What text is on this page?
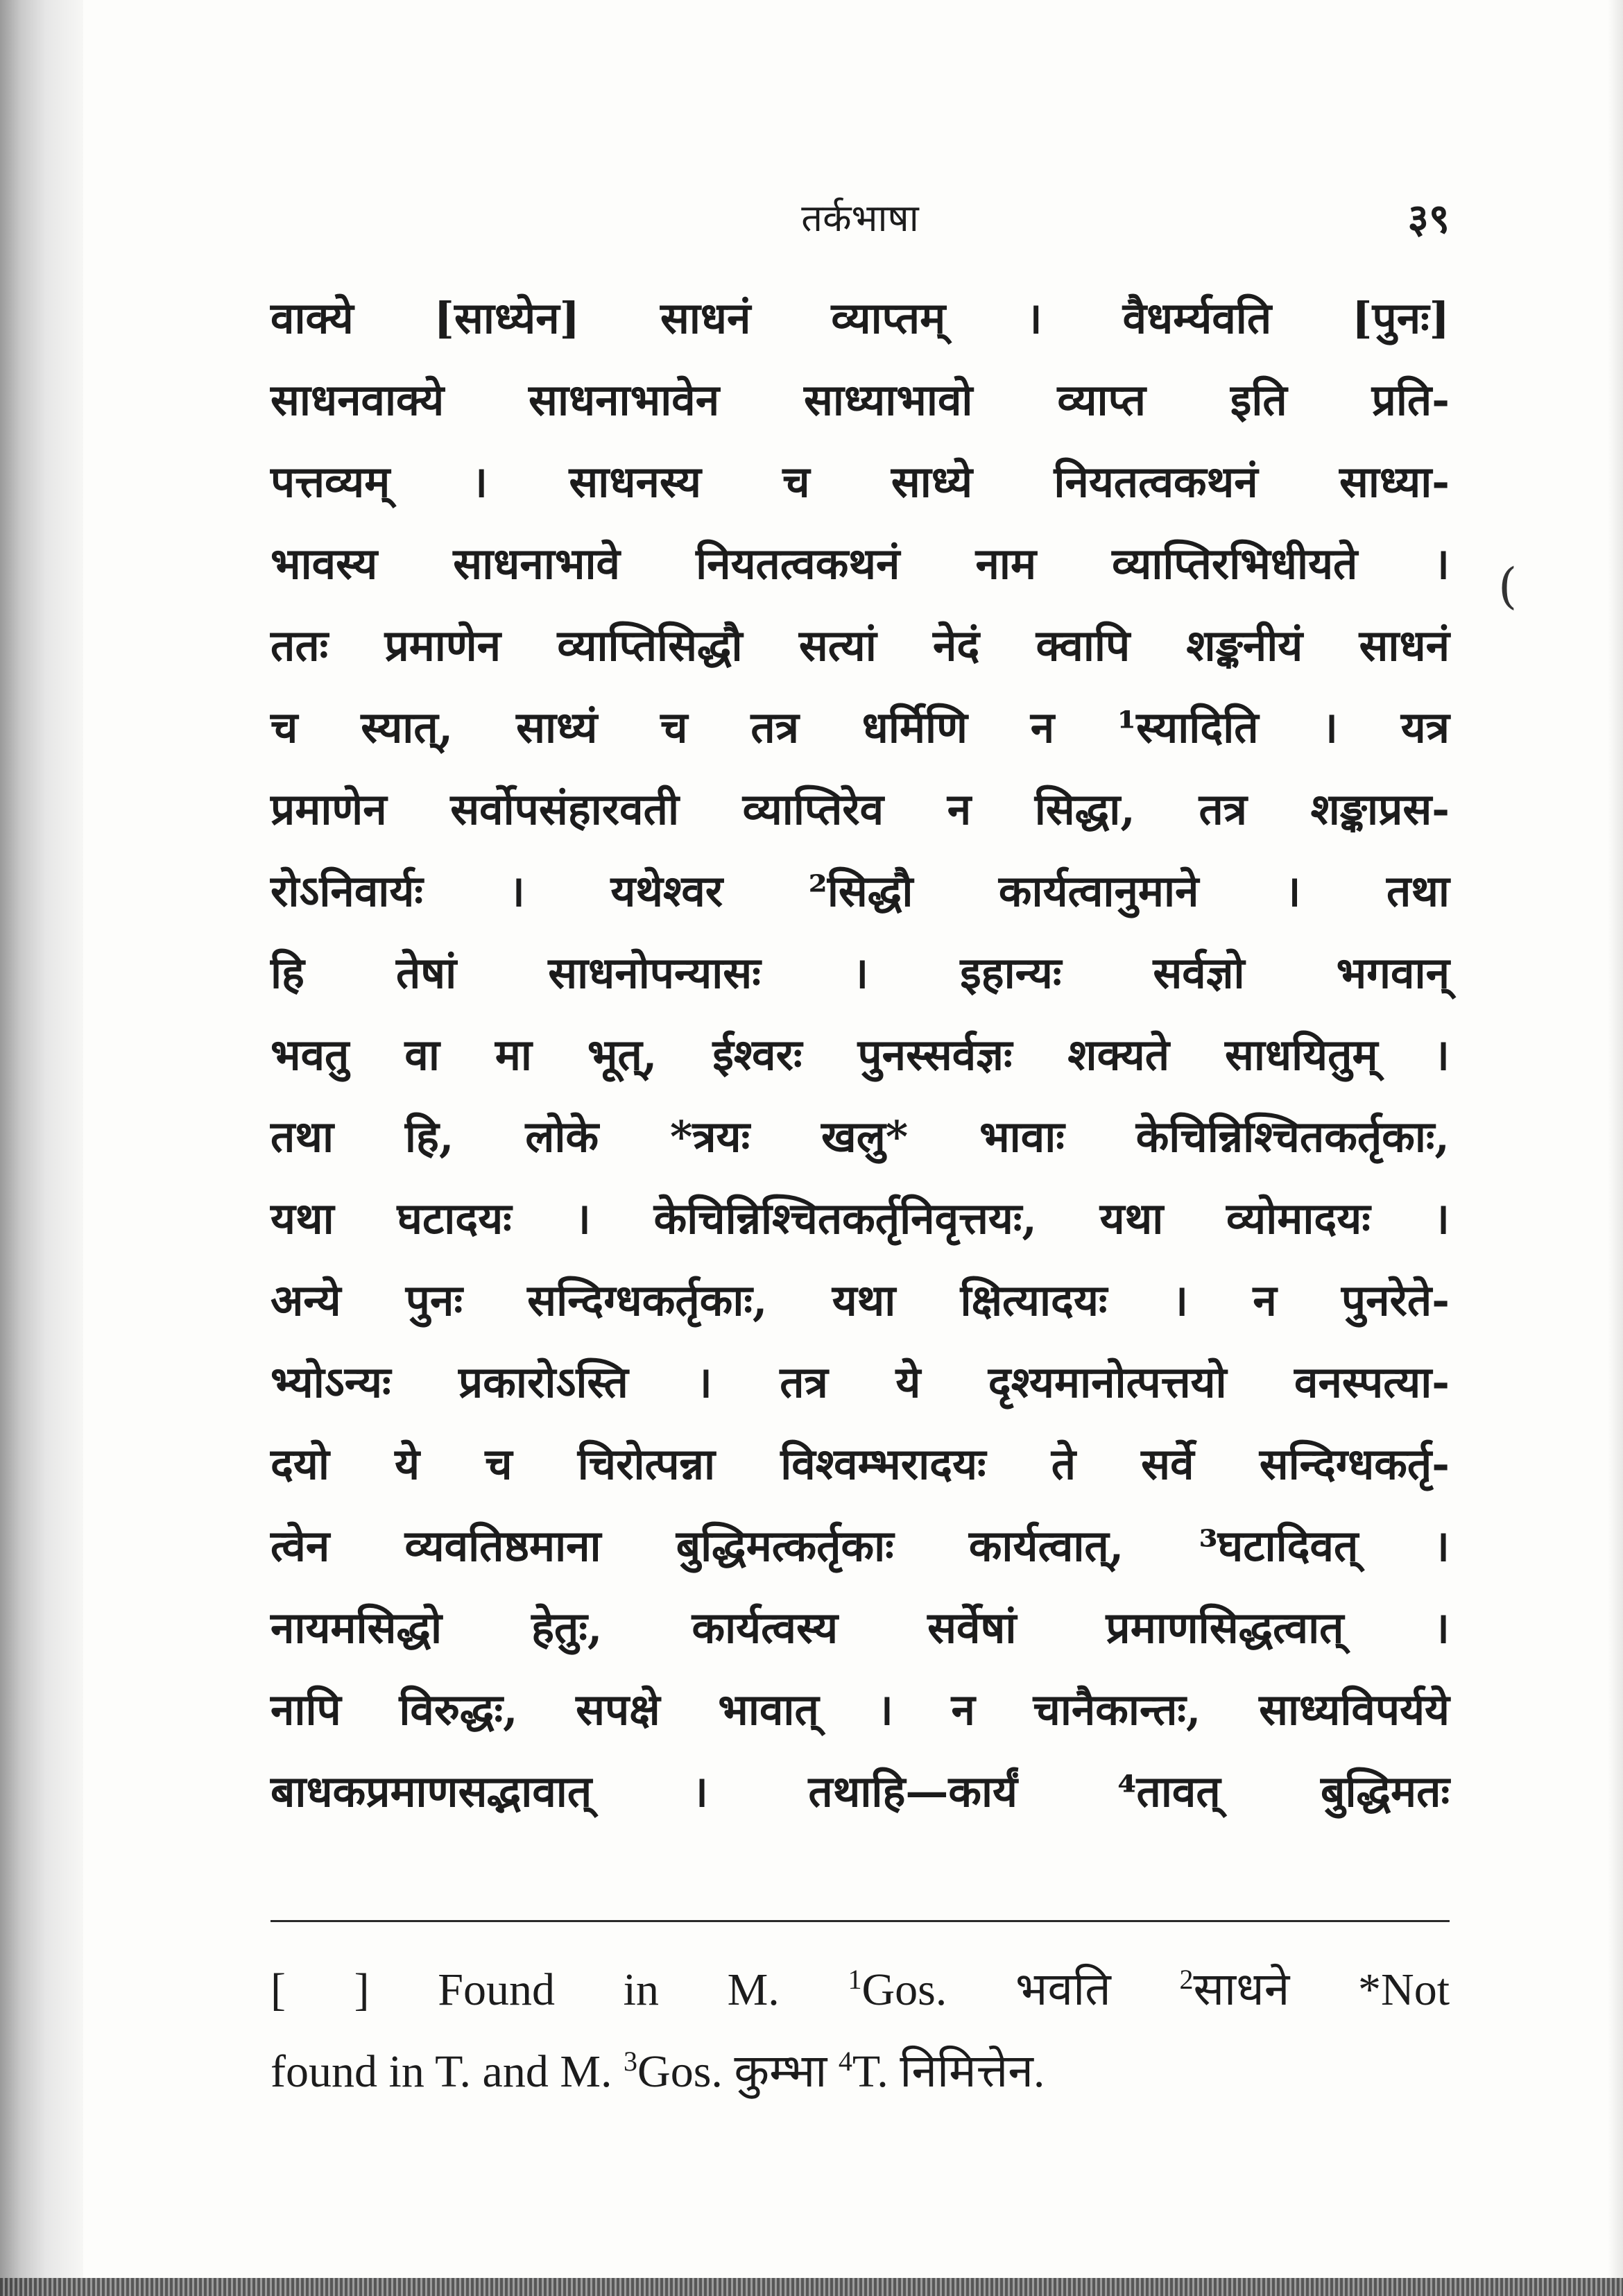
तर्कभाषा	३९
वाक्ये [साध्येन] साधनं व्याप्तम् । वैधर्म्यवति [पुनः]
साधनवाक्ये साधनाभावेन साध्याभावो व्याप्त इति प्रति-
पत्तव्यम् । साधनस्य च साध्ये नियतत्वकथनं साध्या-
भावस्य साधनाभावे नियतत्वकथनं नाम व्याप्तिरभिधीयते ।
ततः प्रमाणेन व्याप्तिसिद्धौ सत्यां नेदं क्वापि शङ्कनीयं साधनं
च स्यात्, साध्यं च तत्र धर्मिणि न ¹स्यादिति । यत्र
प्रमाणेन सर्वोपसंहारवती व्याप्तिरेव न सिद्धा, तत्र शङ्काप्रस-
रोऽनिवार्यः । यथेश्वर ²सिद्धौ कार्यत्वानुमाने । तथा
हि तेषां साधनोपन्यासः । इहान्यः सर्वज्ञो भगवान्
भवतु वा मा भूत्, ईश्वरः पुनस्सर्वज्ञः शक्यते साधयितुम् ।
तथा हि, लोके *त्रयः खलु* भावाः केचिन्निश्चितकर्तृकाः,
यथा घटादयः । केचिन्निश्चितकर्तृनिवृत्तयः, यथा व्योमादयः ।
अन्ये पुनः सन्दिग्धकर्तृकाः, यथा क्षित्यादयः । न पुनरेते-
भ्योऽन्यः प्रकारोऽस्ति । तत्र ये दृश्यमानोत्पत्तयो वनस्पत्या-
दयो ये च चिरोत्पन्ना विश्वम्भरादयः ते सर्वे सन्दिग्धकर्तृ-
त्वेन व्यवतिष्ठमाना बुद्धिमत्कर्तृकाः कार्यत्वात्, ³घटादिवत् ।
नायमसिद्धो हेतुः, कार्यत्वस्य सर्वेषां प्रमाणसिद्धत्वात् ।
नापि विरुद्धः, सपक्षे भावात् । न चानैकान्तः, साध्यविपर्यये
बाधकप्रमाणसद्भावात् । तथाहि—कार्यं ⁴तावत् बुद्धिमतः
(
[ ] Found in M. $^1$Gos. भवति $^2$साधने *Not
found in T. and M. $^3$Gos. कुम्भा $^4$T. निमित्तेन.
